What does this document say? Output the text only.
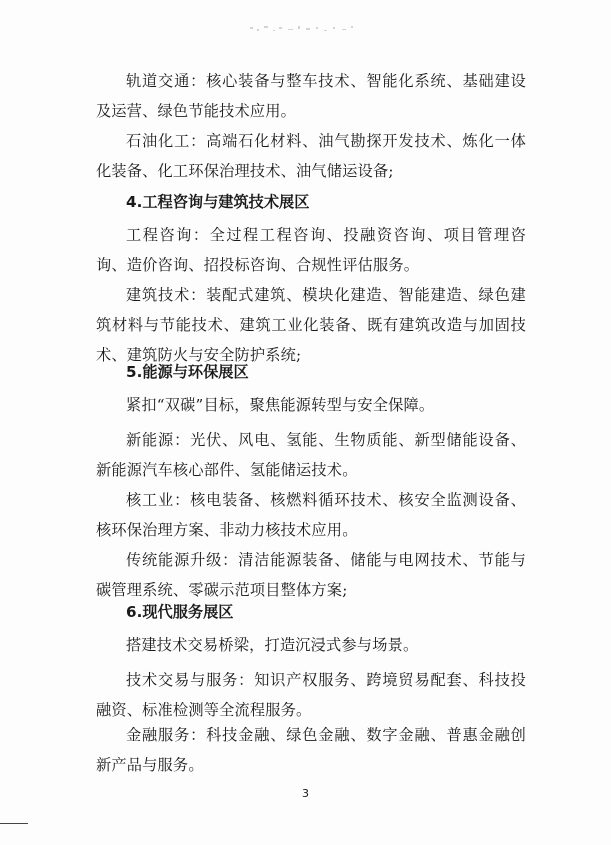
轨道交通：核心装备与整车技术、智能化系统、基础建设及运营、绿色节能技术应用。

石油化工：高端石化材料、油气勘探开发技术、炼化一体化装备、化工环保治理技术、油气储运设备;

4.工程咨询与建筑技术展区

工程咨询：全过程工程咨询、投融资咨询、项目管理咨询、造价咨询、招投标咨询、合规性评估服务。

建筑技术：装配式建筑、模块化建造、智能建造、绿色建筑材料与节能技术、建筑工业化装备、既有建筑改造与加固技术、建筑防火与安全防护系统;

5.能源与环保展区

紧扣“双碳”目标，聚焦能源转型与安全保障。

新能源：光伏、风电、氢能、生物质能、新型储能设备、新能源汽车核心部件、氢能储运技术。

核工业：核电装备、核燃料循环技术、核安全监测设备、核环保治理方案、非动力核技术应用。

传统能源升级：清洁能源装备、储能与电网技术、节能与碳管理系统、零碳示范项目整体方案;

6.现代服务展区

搭建技术交易桥梁，打造沉浸式参与场景。

技术交易与服务：知识产权服务、跨境贸易配套、科技投融资、标准检测等全流程服务。

金融服务：科技金融、绿色金融、数字金融、普惠金融创新产品与服务。

3
